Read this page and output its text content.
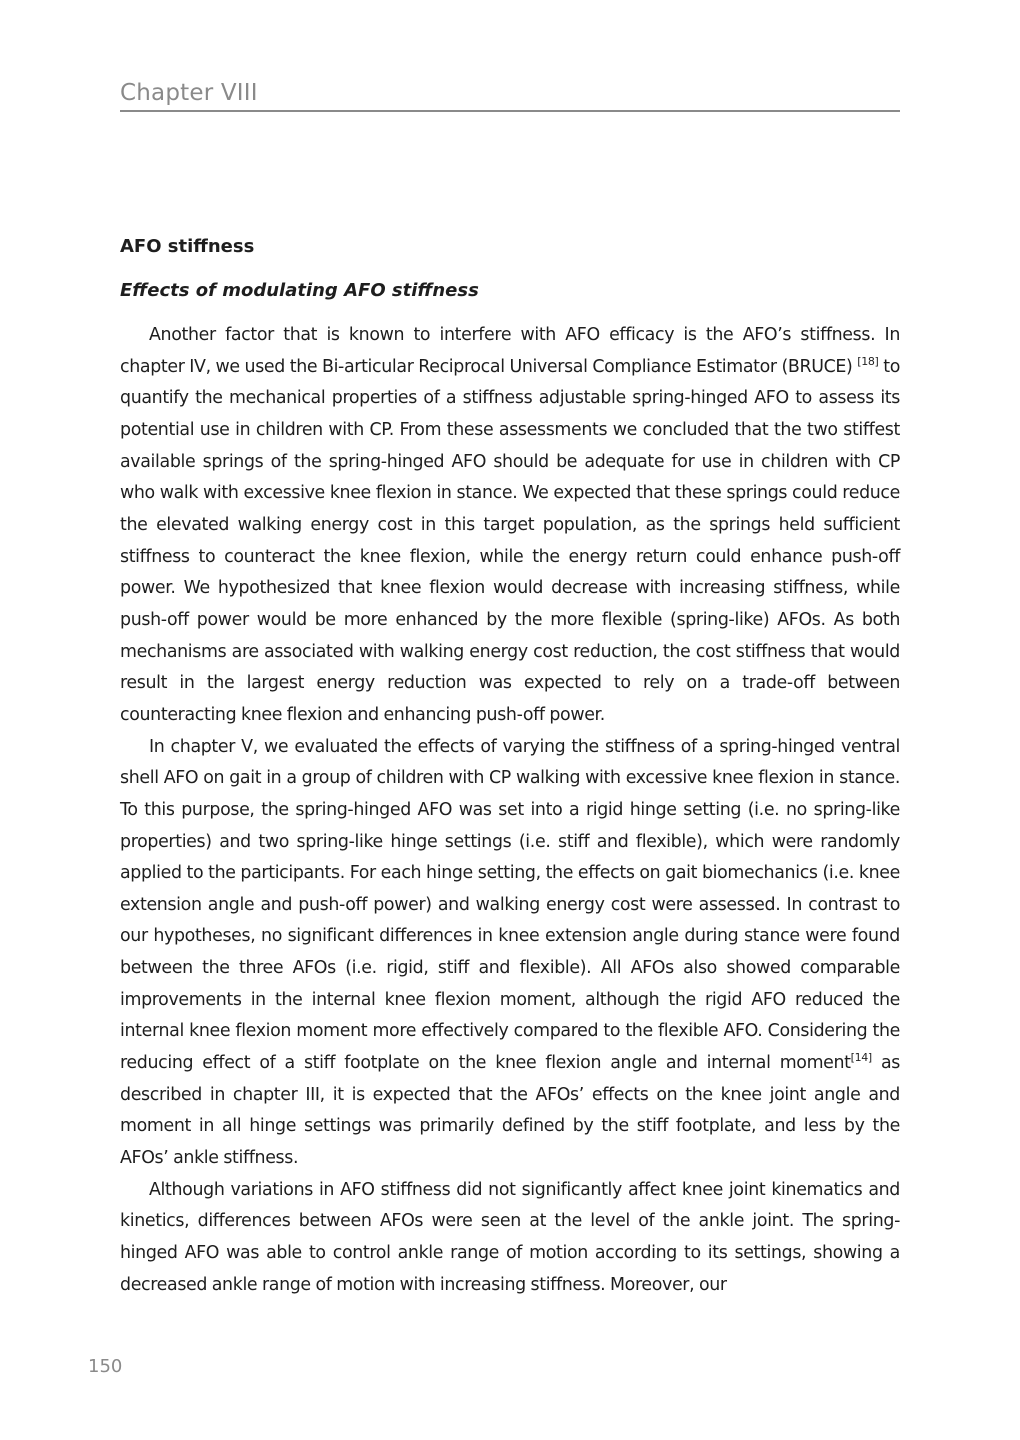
Chapter VIII
AFO stiffness
Effects of modulating AFO stiffness

Another factor that is known to interfere with AFO efficacy is the AFO’s stiffness. In chapter IV, we used the Bi-articular Reciprocal Universal Compliance Estimator (BRUCE) [18] to quantify the mechanical properties of a stiffness adjustable spring-hinged AFO to assess its potential use in children with CP. From these assessments we concluded that the two stiffest available springs of the spring-hinged AFO should be adequate for use in children with CP who walk with excessive knee flexion in stance. We expected that these springs could reduce the elevated walking energy cost in this target population, as the springs held sufficient stiffness to counteract the knee flexion, while the energy return could enhance push-off power. We hypothesized that knee flexion would decrease with increasing stiffness, while push-off power would be more enhanced by the more flexible (spring-like) AFOs. As both mechanisms are associated with walking energy cost reduction, the cost stiffness that would result in the largest energy reduction was expected to rely on a trade-off between counteracting knee flexion and enhancing push-off power.

In chapter V, we evaluated the effects of varying the stiffness of a spring-hinged ventral shell AFO on gait in a group of children with CP walking with excessive knee flexion in stance. To this purpose, the spring-hinged AFO was set into a rigid hinge setting (i.e. no spring-like properties) and two spring-like hinge settings (i.e. stiff and flexible), which were randomly applied to the participants. For each hinge setting, the effects on gait biomechanics (i.e. knee extension angle and push-off power) and walking energy cost were assessed. In contrast to our hypotheses, no significant differences in knee extension angle during stance were found between the three AFOs (i.e. rigid, stiff and flexible). All AFOs also showed comparable improvements in the internal knee flexion moment, although the rigid AFO reduced the internal knee flexion moment more effectively compared to the flexible AFO. Considering the reducing effect of a stiff footplate on the knee flexion angle and internal moment[14] as described in chapter III, it is expected that the AFOs’ effects on the knee joint angle and moment in all hinge settings was primarily defined by the stiff footplate, and less by the AFOs’ ankle stiffness.

Although variations in AFO stiffness did not significantly affect knee joint kinematics and kinetics, differences between AFOs were seen at the level of the ankle joint. The spring-hinged AFO was able to control ankle range of motion according to its settings, showing a decreased ankle range of motion with increasing stiffness. Moreover, our

150
